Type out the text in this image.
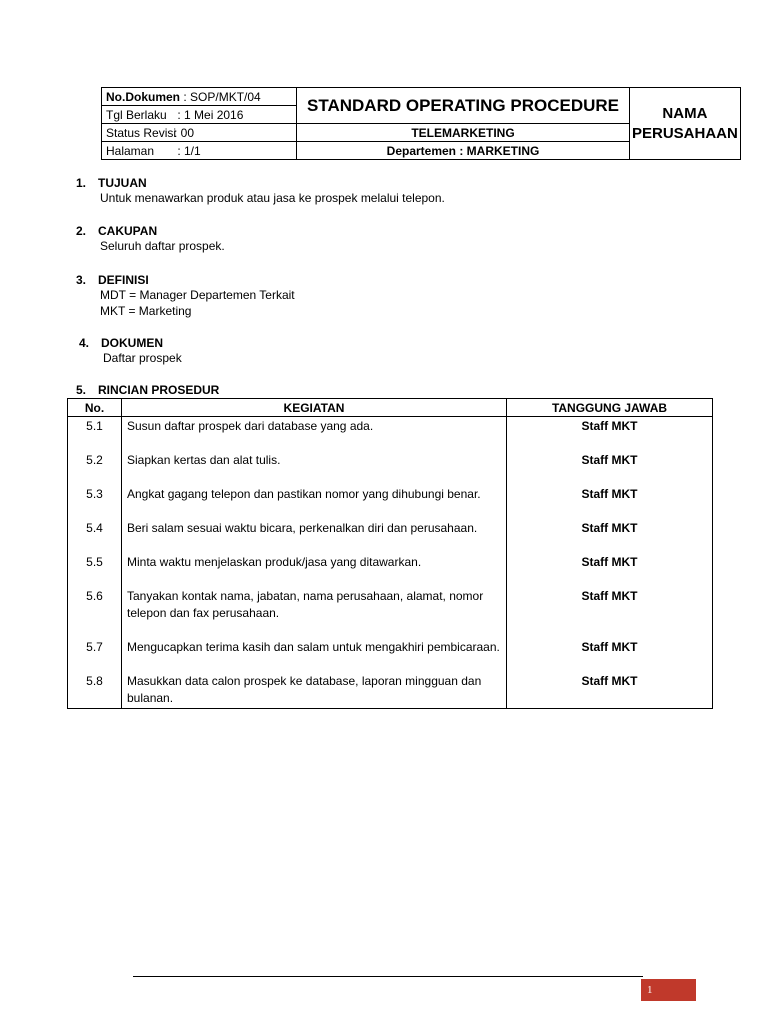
No.Dokumen : SOP/MKT/04	STANDARD OPERATING PROCEDURE	NAMA PERUSAHAAN
Tgl Berlaku : 1 Mei 2016		
Status Revisi: 00	TELEMARKETING	
Halaman : 1/1	Departemen : MARKETING	
1. TUJUAN
Untuk menawarkan produk atau jasa ke prospek melalui telepon.
2. CAKUPAN
Seluruh daftar prospek.
3. DEFINISI
MDT = Manager Departemen Terkait
MKT = Marketing
4. DOKUMEN
Daftar prospek
5. RINCIAN PROSEDUR
No.	KEGIATAN	TANGGUNG JAWAB
5.1	Susun daftar prospek dari database yang ada.	Staff MKT
5.2	Siapkan kertas dan alat tulis.	Staff MKT
5.3	Angkat gagang telepon dan pastikan nomor yang dihubungi benar.	Staff MKT
5.4	Beri salam sesuai waktu bicara, perkenalkan diri dan perusahaan.	Staff MKT
5.5	Minta waktu menjelaskan produk/jasa yang ditawarkan.	Staff MKT
5.6	Tanyakan kontak nama, jabatan, nama perusahaan, alamat, nomor telepon dan fax perusahaan.	Staff MKT
5.7	Mengucapkan terima kasih dan salam untuk mengakhiri pembicaraan.	Staff MKT
5.8	Masukkan data calon prospek ke database, laporan mingguan dan bulanan.	Staff MKT
1
